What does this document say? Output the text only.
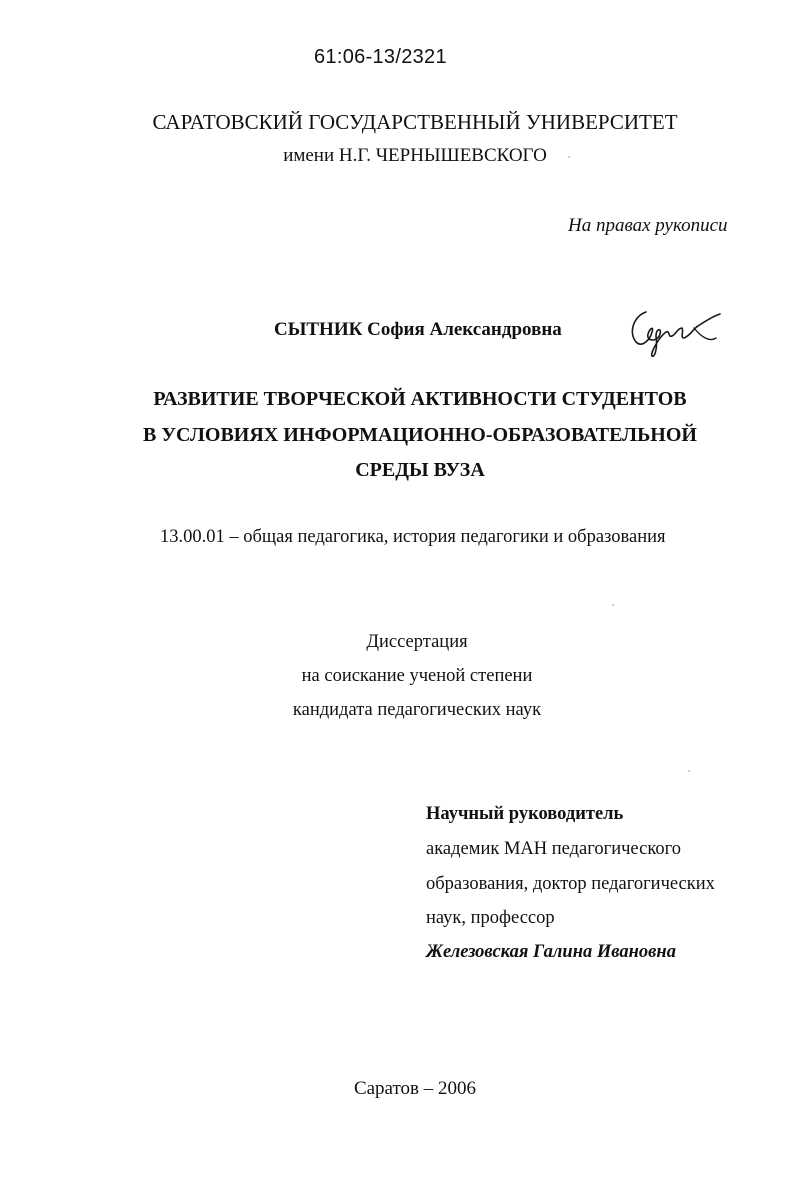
61:06-13/2321
САРАТОВСКИЙ ГОСУДАРСТВЕННЫЙ УНИВЕРСИТЕТ
имени Н.Г. ЧЕРНЫШЕВСКОГО
На правах рукописи
СЫТНИК София Александровна
РАЗВИТИЕ ТВОРЧЕСКОЙ АКТИВНОСТИ СТУДЕНТОВ
В УСЛОВИЯХ ИНФОРМАЦИОННО-ОБРАЗОВАТЕЛЬНОЙ
СРЕДЫ ВУЗА
13.00.01 – общая педагогика, история педагогики и образования
Диссертация
на соискание ученой степени
кандидата педагогических наук
Научный руководитель
академик МАН педагогического
образования, доктор педагогических
наук, профессор
Железовская Галина Ивановна
Саратов – 2006
